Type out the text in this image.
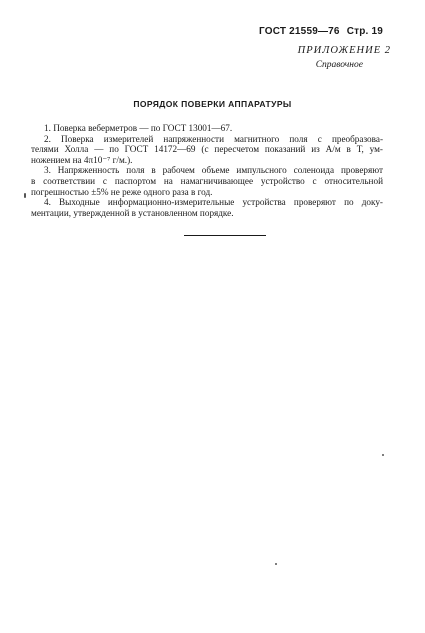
ГОСТ 21559—76 Стр. 19
ПРИЛОЖЕНИЕ 2
Справочное
ПОРЯДОК ПОВЕРКИ АППАРАТУРЫ

1. Поверка веберметров — по ГОСТ 13001—67.

2. Поверка измерителей напряженности магнитного поля с преобразова-
телями Холла — по ГОСТ 14172—69 (с пересчетом показаний из А/м в Т, ум-
ножением на 4π10⁻⁷ г/м.).

3. Напряженность поля в рабочем объеме импульсного соленоида проверяют
в соответствии с паспортом на намагничивающее устройство с относительной
погрешностью ±5% не реже одного раза в год.

4. Выходные информационно-измерительные устройства проверяют по доку-
ментации, утвержденной в установленном порядке.
